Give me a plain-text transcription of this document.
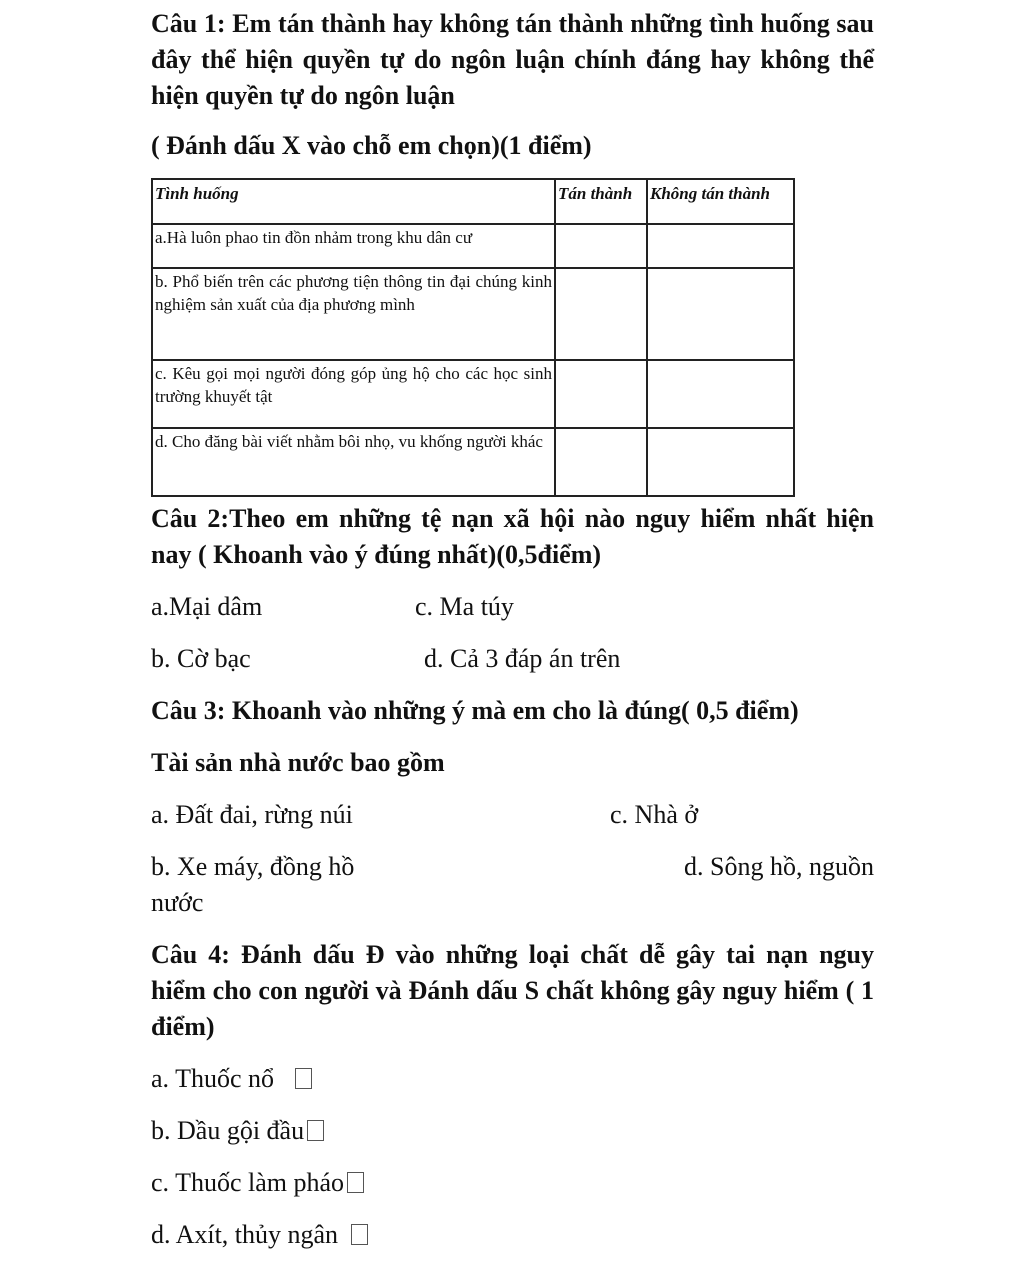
Câu 1: Em tán thành hay không tán thành những tình huống sau đây thể hiện quyền tự do ngôn luận chính đáng hay không thể hiện quyền tự do ngôn luận

( Đánh dấu X vào chỗ em chọn)(1 điểm)

Tình huống	Tán thành	Không tán thành
a.Hà luôn phao tin đồn nhảm trong khu dân cư		
b. Phổ biến trên các phương tiện thông tin đại chúng kinh nghiệm sản xuất của địa phương mình		
c. Kêu gọi mọi người đóng góp ủng hộ cho các học sinh trường khuyết tật		
d. Cho đăng bài viết nhằm bôi nhọ, vu khống người khác		

Câu 2:Theo em những tệ nạn xã hội nào nguy hiểm nhất hiện nay ( Khoanh vào ý đúng nhất)(0,5điểm)

a.Mại dâm	c. Ma túy
b. Cờ bạc	d. Cả 3 đáp án trên

Câu 3: Khoanh vào những ý mà em cho là đúng( 0,5 điểm)

Tài sản nhà nước bao gồm

a. Đất đai, rừng núi	c. Nhà ở
b. Xe máy, đồng hồ	d. Sông hồ, nguồn

nước

Câu 4: Đánh dấu Đ vào những loại chất dễ gây tai nạn nguy hiểm cho con người và Đánh dấu S chất không gây nguy hiểm ( 1 điểm)

a. Thuốc nổ

b. Dầu gội đầu

c. Thuốc làm pháo

d. Axít, thủy ngân
